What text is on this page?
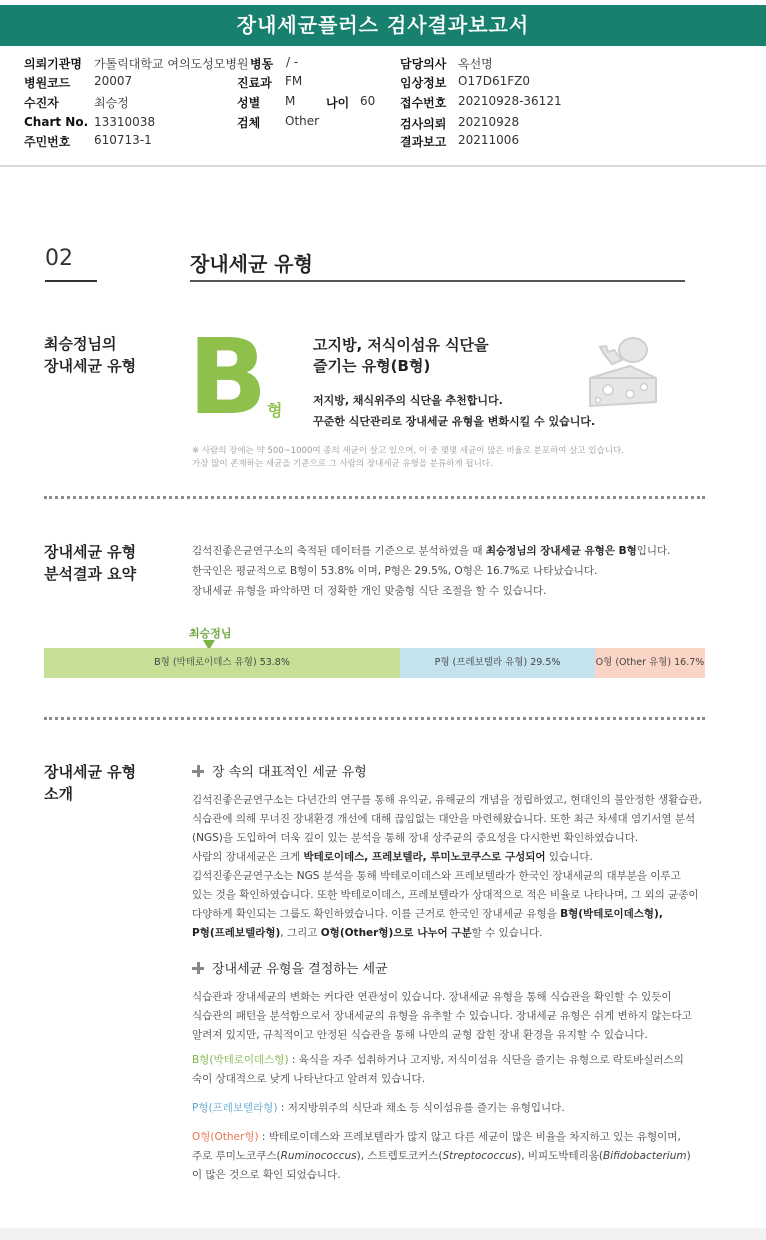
장내세균플러스 검사결과보고서
의뢰기관명 가톨릭대학교 여의도성모병원 병동 / -	담당의사 옥선명
병원코드 20007	진료과 FM	임상정보 O17D61FZ0
수진자	최승정	성별 M	나이 60 접수번호 20210928-36121
Chart No. 13310038	검체 Other	검사의뢰 20210928
주민번호 610713-1	결과보고 20211006
02	장내세균 유형
최승정님의
장내세균 유형 B 형
고지방, 저식이섬유 식단을
즐기는 유형(B형)
저지방, 채식위주의 식단을 추천합니다.
꾸준한 식단관리로 장내세균 유형을 변화시킬 수 있습니다.
※ 사람의 장에는 약 500~1000여 종의 세균이 살고 있으며, 이 중 몇몇 세균이 많은 비율로 분포하여 살고 있습니다.
가장 많이 존재하는 세균을 기준으로 그 사람의 장내세균 유형을 분류하게 됩니다.
장내세균 유형
분석결과 요약
김석진좋은균연구소의 축적된 데이터를 기준으로 분석하였을 때 최승정님의 장내세균 유형은 B형입니다.
한국인은 평균적으로 B형이 53.8% 이며, P형은 29.5%, O형은 16.7%로 나타났습니다.
장내세균 유형을 파악하면 더 정확한 개인 맞춤형 식단 조절을 할 수 있습니다.
최승정님
B형 (박테로이데스 유형) 53.8%	P형 (프레보텔라 유형) 29.5%	O형 (Other 유형) 16.7%
장내세균 유형
소개
장 속의 대표적인 세균 유형
김석진좋은균연구소는 다년간의 연구를 통해 유익균, 유해균의 개념을 정립하였고, 현대인의 불안정한 생활습관,
식습관에 의해 무너진 장내환경 개선에 대해 끊임없는 대안을 마련해왔습니다. 또한 최근 차세대 염기서열 분석
(NGS)을 도입하여 더욱 깊이 있는 분석을 통해 장내 상주균의 중요성을 다시한번 확인하였습니다.
사람의 장내세균은 크게 박테로이데스, 프레보텔라, 루미노코쿠스로 구성되어 있습니다.
김석진좋은균연구소는 NGS 분석을 통해 박테로이데스와 프레보텔라가 한국인 장내세균의 대부분을 이루고
있는 것을 확인하였습니다. 또한 박테로이데스, 프레보텔라가 상대적으로 적은 비율로 나타나며, 그 외의 균종이
다양하게 확인되는 그룹도 확인하였습니다. 이를 근거로 한국인 장내세균 유형을 B형(박테로이데스형),
P형(프레보텔라형), 그리고 O형(Other형)으로 나누어 구분할 수 있습니다.
장내세균 유형을 결정하는 세균
식습관과 장내세균의 변화는 커다란 연관성이 있습니다. 장내세균 유형을 통해 식습관을 확인할 수 있듯이
식습관의 패턴을 분석함으로서 장내세균의 유형을 유추할 수 있습니다. 장내세균 유형은 쉬게 변하지 않는다고
알려져 있지만, 규칙적이고 안정된 식습관을 통해 나만의 균형 잡힌 장내 환경을 유지할 수 있습니다.
B형(박테로이데스형) : 육식을 자주 섭취하거나 고지방, 저식이섬유 식단을 즐기는 유형으로 락토바실러스의
숙이 상대적으로 낮게 나타난다고 알려져 있습니다.
P형(프레보텔라형) : 저지방위주의 식단과 채소 등 식이섬유를 즐기는 유형입니다.
O형(Other형) : 박테로이데스와 프레보텔라가 많지 않고 다른 세균이 많은 비율을 차지하고 있는 유형이며,
주로 루미노코쿠스(Ruminococcus), 스트렙토코커스(Streptococcus), 비피도박테리움(Bifidobacterium)
이 많은 것으로 확인 되었습니다.
